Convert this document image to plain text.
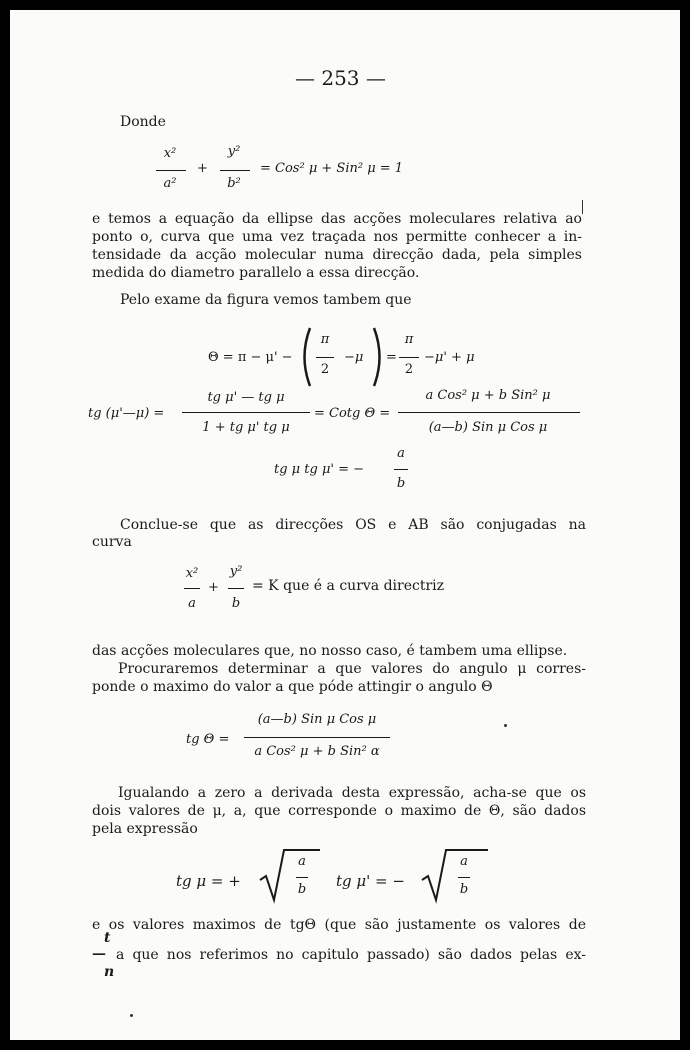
— 253 —
Donde
x²
a²
+
y²
b²
= Cos² μ + Sin² μ = 1
e temos a equação da ellipse das acções moleculares relativa ao
ponto o, curva que uma vez traçada nos permitte conhecer a in-
tensidade da acção molecular numa direcção dada, pela simples
medida do diametro parallelo a essa direcção.
Pelo exame da figura vemos tambem que
Θ = π − μ' −
π
2
−μ =
π
2
−μ' + μ
tg (μ'—μ) =
tg μ' — tg μ
1 + tg μ' tg μ
= Cotg Θ =
a Cos² μ + b Sin² μ
(a—b) Sin μ Cos μ
tg μ tg μ' = −
a
b
Conclue-se que as direcções OS e AB são conjugadas na
curva
x²
a
+
y²
b
= K que é a curva directriz
das acções moleculares que, no nosso caso, é tambem uma ellipse.
Procuraremos determinar a que valores do angulo μ corres-
ponde o maximo do valor a que póde attingir o angulo Θ
tg Θ =
(a—b) Sin μ Cos μ
a Cos² μ + b Sin² α
Igualando a zero a derivada desta expressão, acha-se que os
dois valores de μ, a, que corresponde o maximo de Θ, são dados
pela expressão
tg μ = +
a
b	tg μ' = −
a
b
e os valores maximos de tgΘ (que são justamente os valores de
a que nos referimos no capitulo passado) são dados pelas ex-
t
—
n
